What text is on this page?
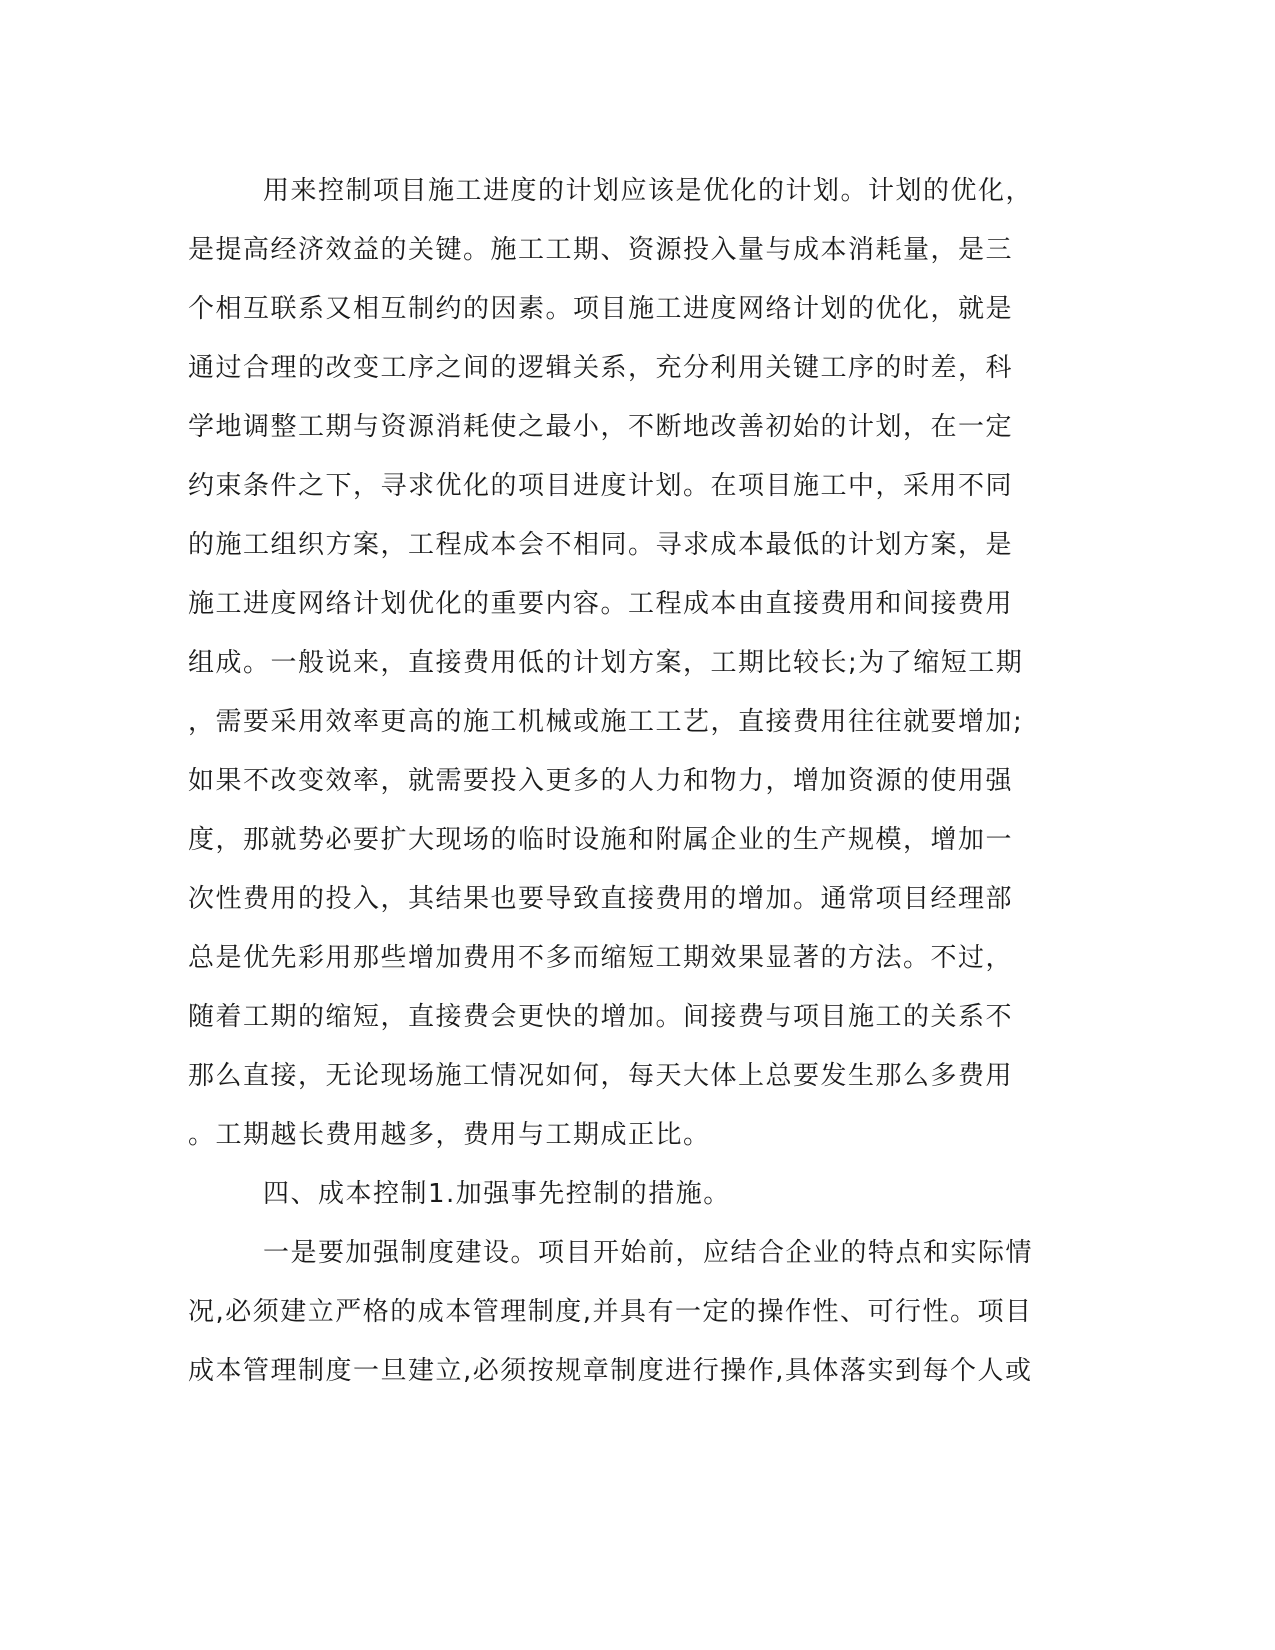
用来控制项目施工进度的计划应该是优化的计划。计划的优化，
是提高经济效益的关键。施工工期、资源投入量与成本消耗量，是三
个相互联系又相互制约的因素。项目施工进度网络计划的优化，就是
通过合理的改变工序之间的逻辑关系，充分利用关键工序的时差，科
学地调整工期与资源消耗使之最小，不断地改善初始的计划，在一定
约束条件之下，寻求优化的项目进度计划。在项目施工中，采用不同
的施工组织方案，工程成本会不相同。寻求成本最低的计划方案，是
施工进度网络计划优化的重要内容。工程成本由直接费用和间接费用
组成。一般说来，直接费用低的计划方案，工期比较长;为了缩短工期
，需要采用效率更高的施工机械或施工工艺，直接费用往往就要增加;
如果不改变效率，就需要投入更多的人力和物力，增加资源的使用强
度，那就势必要扩大现场的临时设施和附属企业的生产规模，增加一
次性费用的投入，其结果也要导致直接费用的增加。通常项目经理部
总是优先彩用那些增加费用不多而缩短工期效果显著的方法。不过，
随着工期的缩短，直接费会更快的增加。间接费与项目施工的关系不
那么直接，无论现场施工情况如何，每天大体上总要发生那么多费用
。工期越长费用越多，费用与工期成正比。
四、成本控制1.加强事先控制的措施。
一是要加强制度建设。项目开始前，应结合企业的特点和实际情
况,必须建立严格的成本管理制度,并具有一定的操作性、可行性。项目
成本管理制度一旦建立,必须按规章制度进行操作,具体落实到每个人或
